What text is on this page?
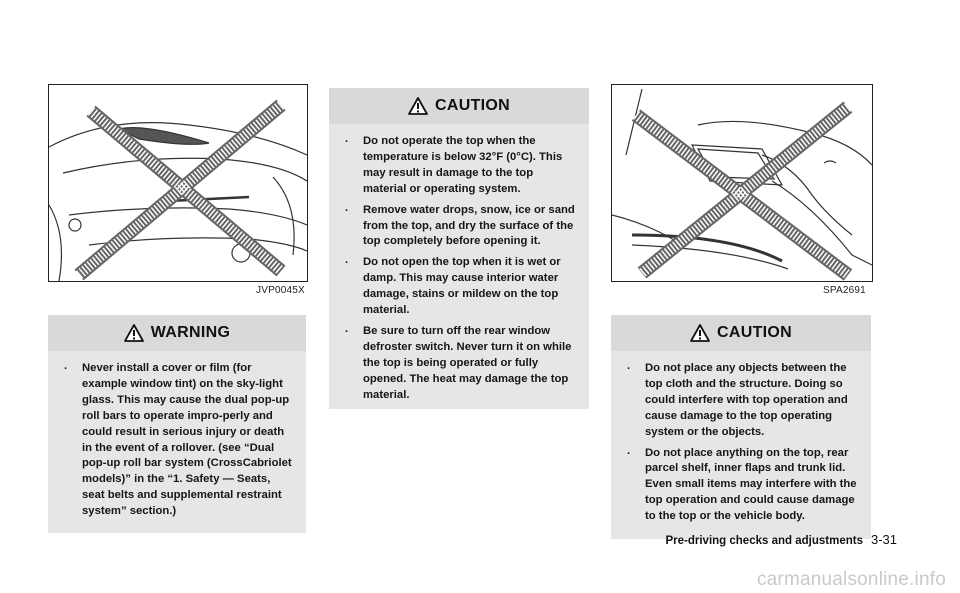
JVP0045X
WARNING
. Never install a cover or film (for example window tint) on the sky-light glass. This may cause the dual pop-up roll bars to operate impro-perly and could result in serious injury or death in the event of a rollover. (see “Dual pop-up roll bar system (CrossCabriolet models)” in the “1. Safety — Seats, seat belts and supplemental restraint system” section.)
CAUTION
. Do not operate the top when the temperature is below 32°F (0°C). This may result in damage to the top material or operating system.
. Remove water drops, snow, ice or sand from the top, and dry the surface of the top completely before opening it.
. Do not open the top when it is wet or damp. This may cause interior water damage, stains or mildew on the top material.
. Be sure to turn off the rear window defroster switch. Never turn it on while the top is being operated or fully opened. The heat may damage the top material.
SPA2691
CAUTION
. Do not place any objects between the top cloth and the structure. Doing so could interfere with top operation and cause damage to the top operating system or the objects.
. Do not place anything on the top, rear parcel shelf, inner flaps and trunk lid. Even small items may interfere with the top operation and could cause damage to the top or the vehicle body.
Pre-driving checks and adjustments 3-31
carmanualsonline.info
